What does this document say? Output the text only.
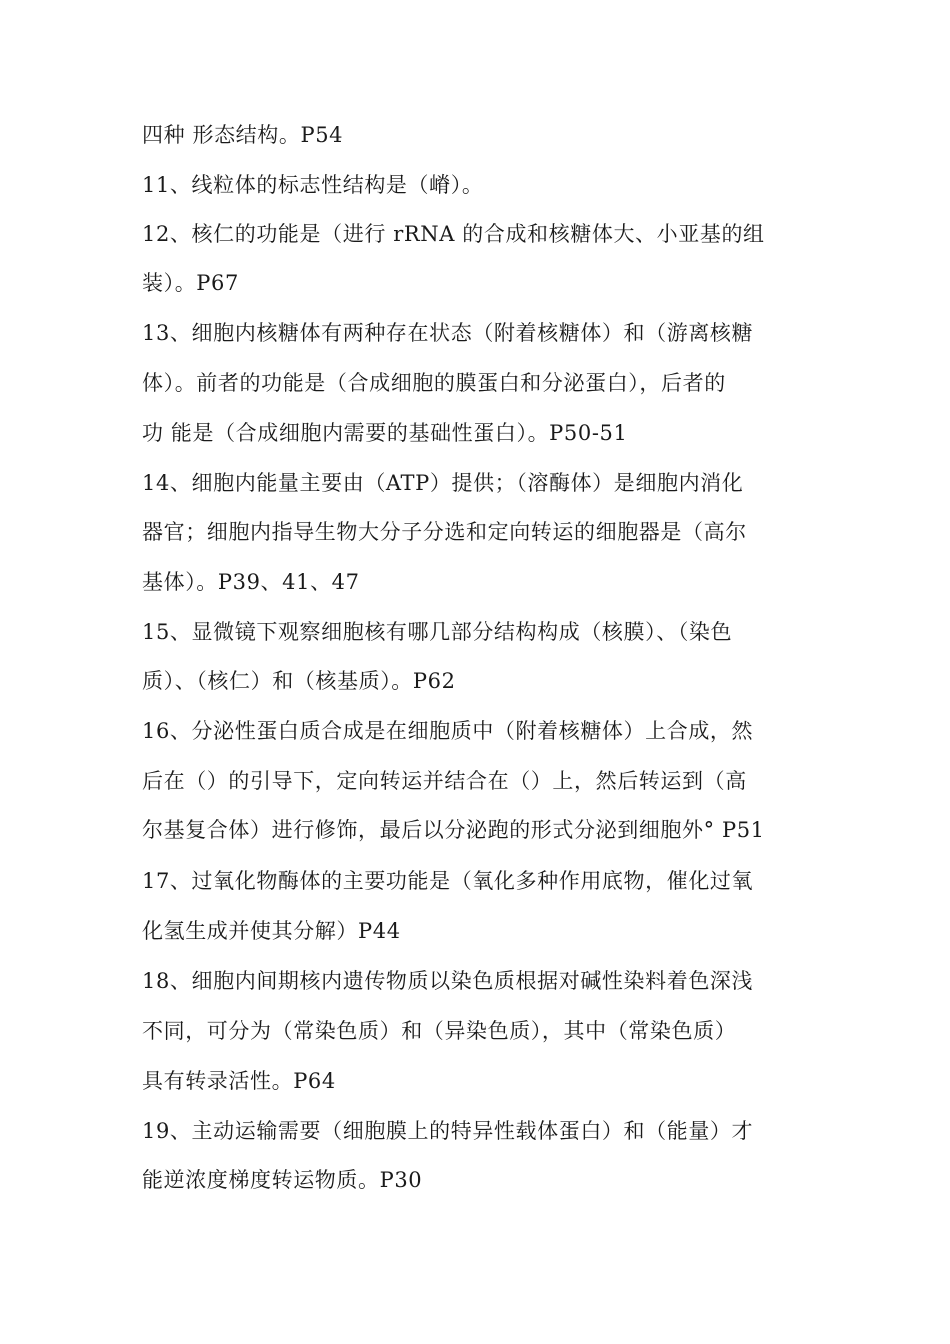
四种 形态结构。P54
11、线粒体的标志性结构是（嵴）。
12、核仁的功能是（进行 rRNA 的合成和核糖体大、小亚基的组
装）。P67
13、细胞内核糖体有两种存在状态（附着核糖体）和（游离核糖
体）。前者的功能是（合成细胞的膜蛋白和分泌蛋白），后者的
功 能是（合成细胞内需要的基础性蛋白）。P50-51
14、细胞内能量主要由（ATP）提供；（溶酶体）是细胞内消化
器官；细胞内指导生物大分子分选和定向转运的细胞器是（高尔
基体）。P39、41、47
15、显微镜下观察细胞核有哪几部分结构构成（核膜）、（染色
质）、（核仁）和（核基质）。P62
16、分泌性蛋白质合成是在细胞质中（附着核糖体）上合成，然
后在（）的引导下，定向转运并结合在（）上，然后转运到（高
尔基复合体）进行修饰，最后以分泌跑的形式分泌到细胞外° P51
17、过氧化物酶体的主要功能是（氧化多种作用底物，催化过氧
化氢生成并使其分解）P44
18、细胞内间期核内遗传物质以染色质根据对碱性染料着色深浅
不同，可分为（常染色质）和（异染色质），其中（常染色质）
具有转录活性。P64
19、主动运输需要（细胞膜上的特异性载体蛋白）和（能量）才
能逆浓度梯度转运物质。P30
